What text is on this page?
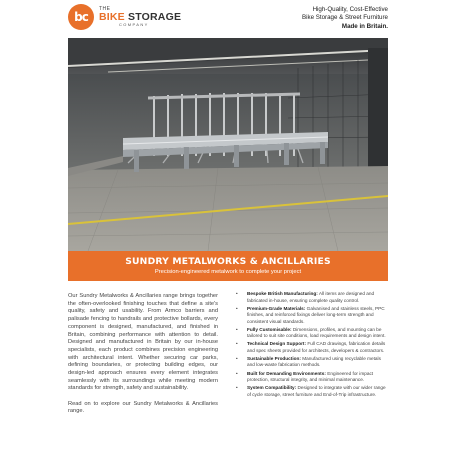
bc
THE
BIKE STORAGE
COMPANY
High-Quality, Cost-Effective
Bike Storage & Street Furniture
Made in Britain.
SUNDRY METALWORKS & ANCILLARIES
Precision-engineered metalwork to complete your project

Our Sundry Metalworks & Ancillaries range brings together the often-overlooked finishing touches that define a site's quality, safety and usability. From Armco barriers and palisade fencing to handrails and protective bollards, every component is designed, manufactured, and finished in Britain, combining performance with attention to detail. Designed and manufactured in Britain by our in-house specialists, each product combines precision engineering with architectural intent. Whether securing car parks, defining boundaries, or protecting building edges, our design-led approach ensures every element integrates seamlessly with its surroundings while meeting modern standards for strength, safety and sustainability.

Read on to explore our Sundry Metalworks & Ancillaries range.

• Bespoke British Manufacturing: All items are designed and fabricated in-house, ensuring complete quality control.
• Premium-Grade Materials: Galvanised and stainless steels, PPC finishes, and reinforced fixings deliver long-term strength and consistent visual standards.
• Fully Customisable: Dimensions, profiles, and mounting can be tailored to suit site conditions, load requirements and design intent.
• Technical Design Support: Full CAD drawings, fabrication details and spec sheets provided for architects, developers & contractors.
• Sustainable Production: Manufactured using recyclable metals and low-waste fabrication methods.
• Built for Demanding Environments: Engineered for impact protection, structural integrity, and minimal maintenance.
• System Compatibility: Designed to integrate with our wider range of cycle storage, street furniture and End-of-Trip infrastructure.
